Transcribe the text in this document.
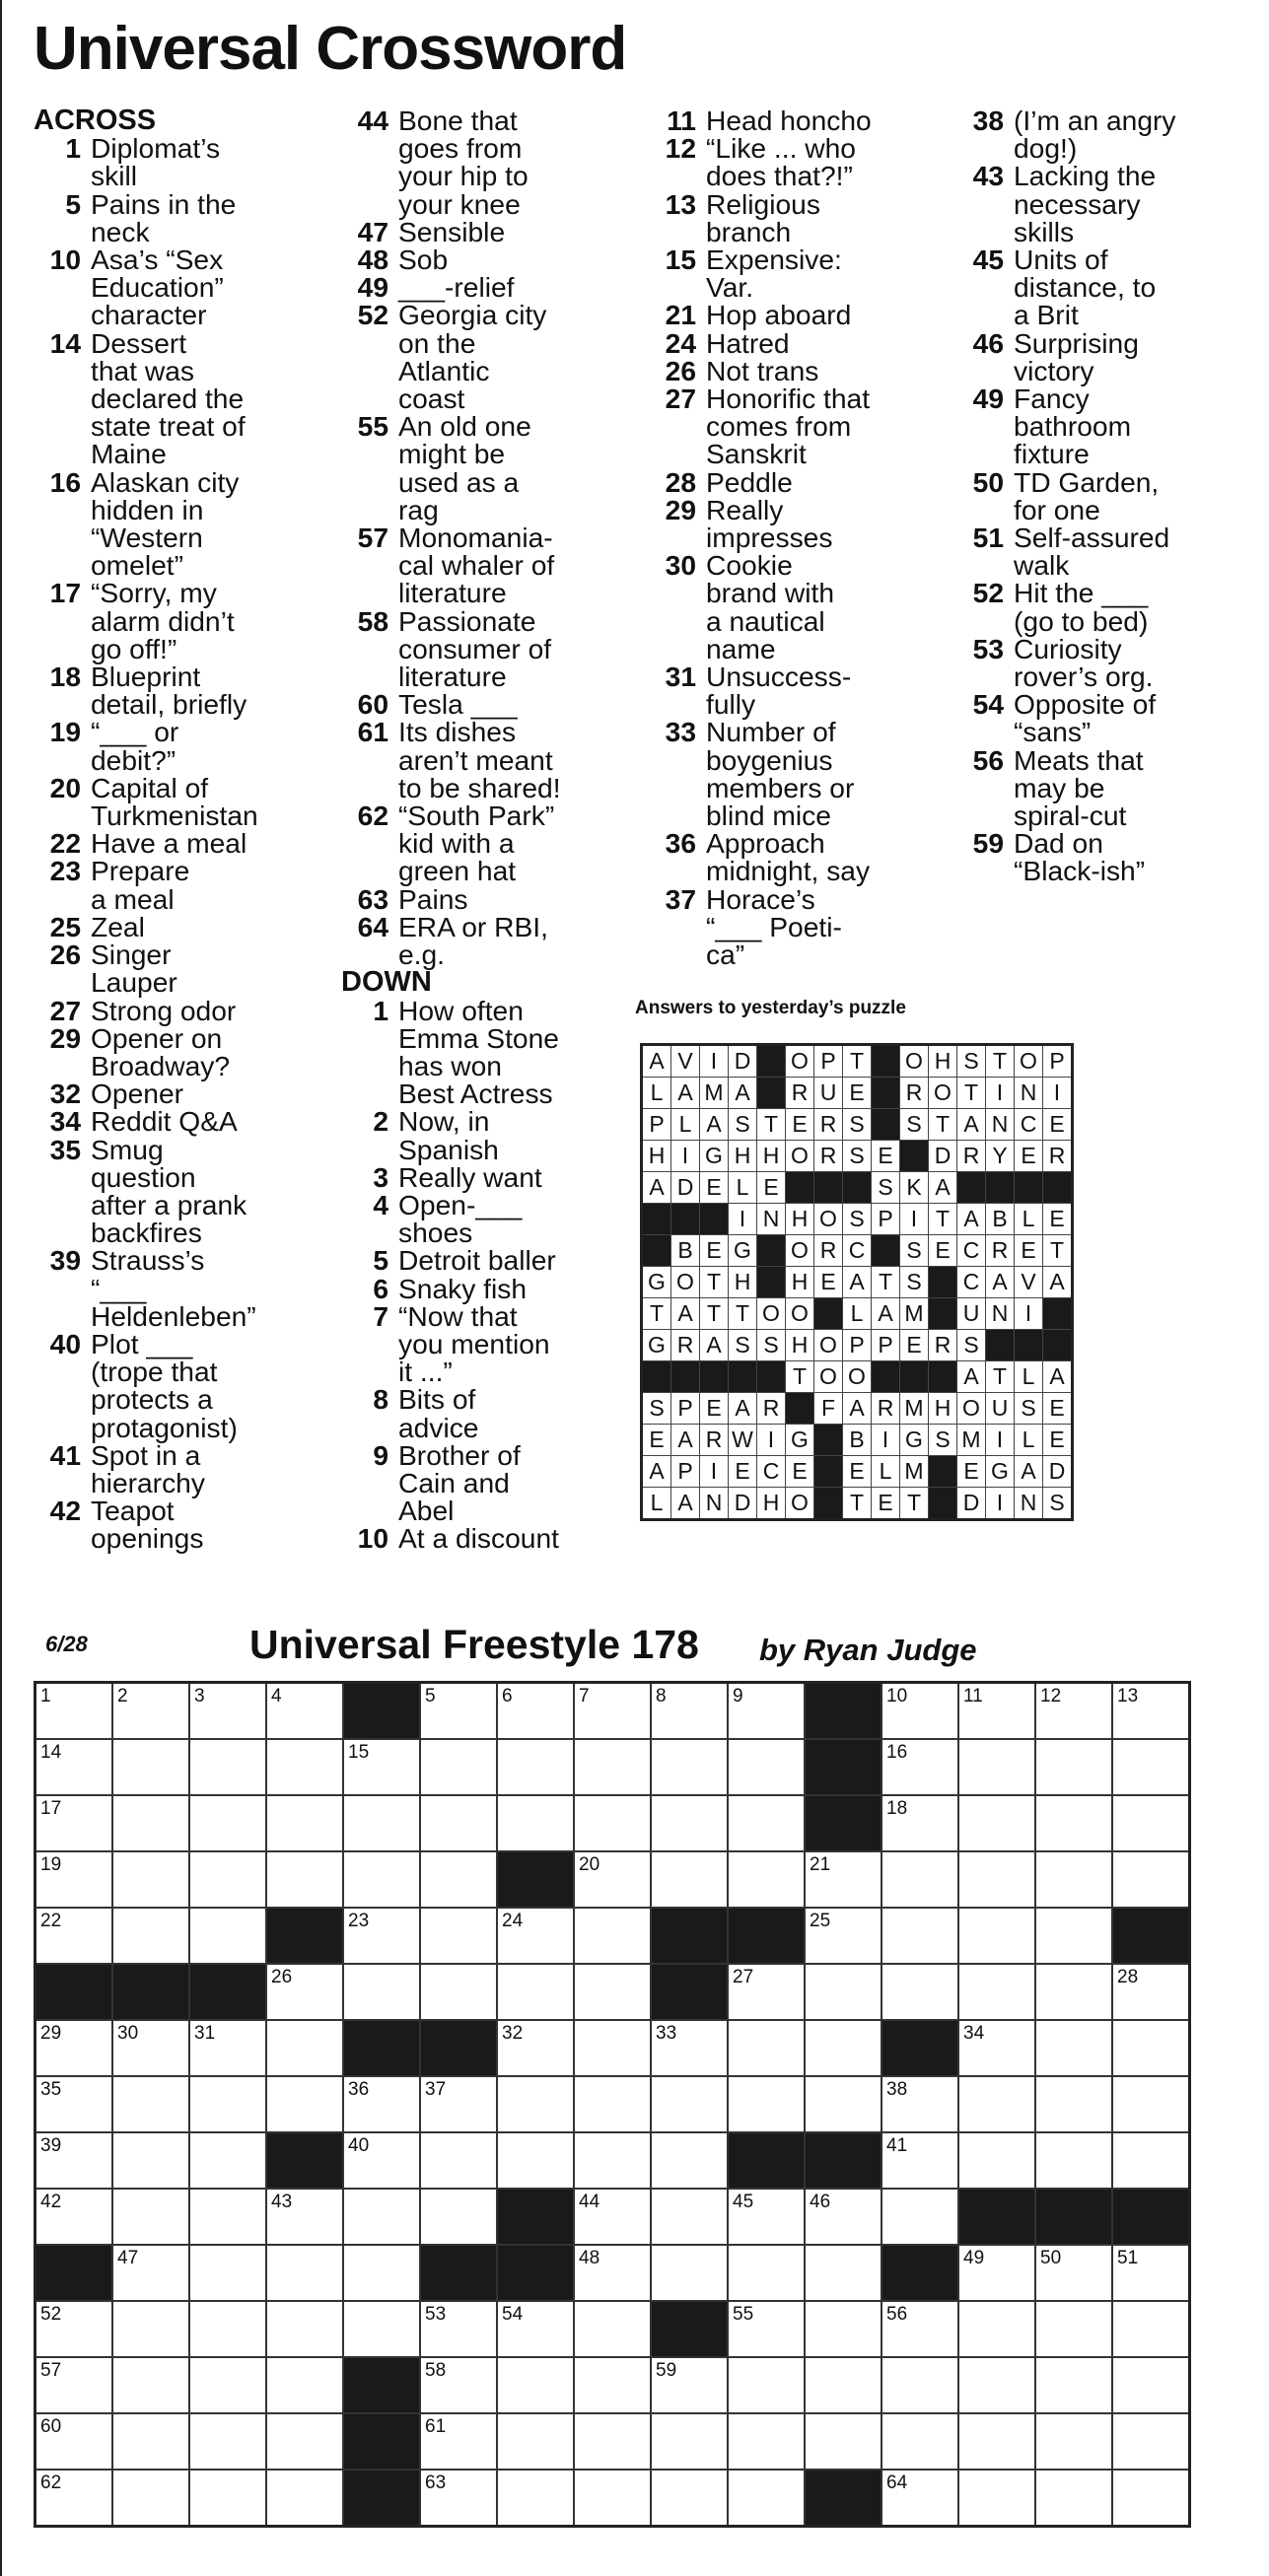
Universal Crossword
ACROSS
1 Diplomat’s
skill
5 Pains in the
neck
10 Asa’s “Sex
Education”
character
14 Dessert
that was
declared the
state treat of
Maine
16 Alaskan city
hidden in
“Western
omelet”
17 “Sorry, my
alarm didn’t
go off!”
18 Blueprint
detail, briefly
19 “___ or
debit?”
20 Capital of
Turkmenistan
22 Have a meal
23 Prepare
a meal
25 Zeal
26 Singer
Lauper
27 Strong odor
29 Opener on
Broadway?
32 Opener
34 Reddit Q&A
35 Smug
question
after a prank
backfires
39 Strauss’s
“___
Heldenleben”
40 Plot ___
(trope that
protects a
protagonist)
41 Spot in a
hierarchy
42 Teapot
openings
44 Bone that
goes from
your hip to
your knee
47 Sensible
48 Sob
49 ___-relief
52 Georgia city
on the
Atlantic
coast
55 An old one
might be
used as a
rag
57 Monomania-
cal whaler of
literature
58 Passionate
consumer of
literature
60 Tesla ___
61 Its dishes
aren’t meant
to be shared!
62 “South Park”
kid with a
green hat
63 Pains
64 ERA or RBI,
e.g.
DOWN
1 How often
Emma Stone
has won
Best Actress
2 Now, in
Spanish
3 Really want
4 Open-___
shoes
5 Detroit baller
6 Snaky fish
7 “Now that
you mention
it ...”
8 Bits of
advice
9 Brother of
Cain and
Abel
10 At a discount
11 Head honcho
12 “Like ... who
does that?!”
13 Religious
branch
15 Expensive:
Var.
21 Hop aboard
24 Hatred
26 Not trans
27 Honorific that
comes from
Sanskrit
28 Peddle
29 Really
impresses
30 Cookie
brand with
a nautical
name
31 Unsuccess-
fully
33 Number of
boygenius
members or
blind mice
36 Approach
midnight, say
37 Horace’s
“___ Poeti-
ca”
38 (I’m an angry
dog!)
43 Lacking the
necessary
skills
45 Units of
distance, to
a Brit
46 Surprising
victory
49 Fancy
bathroom
fixture
50 TD Garden,
for one
51 Self-assured
walk
52 Hit the ___
(go to bed)
53 Curiosity
rover’s org.
54 Opposite of
“sans”
56 Meats that
may be
spiral-cut
59 Dad on
“Black-ish”
Answers to yesterday’s puzzle
A	V	I	D		O	P	T		O	H	S	T	O	P
L	A	M	A		R	U	E		R	O	T	I	N	I
P	L	A	S	T	E	R	S		S	T	A	N	C	E
H	I	G	H	H	O	R	S	E		D	R	Y	E	R
A	D	E	L	E				S	K	A				
			I	N	H	O	S	P	I	T	A	B	L	E
	B	E	G		O	R	C		S	E	C	R	E	T
G	O	T	H		H	E	A	T	S		C	A	V	A
T	A	T	T	O	O		L	A	M		U	N	I	
G	R	A	S	S	H	O	P	P	E	R	S			
					T	O	O				A	T	L	A
S	P	E	A	R		F	A	R	M	H	O	U	S	E
E	A	R	W	I	G		B	I	G	S	M	I	L	E
A	P	I	E	C	E		E	L	M		E	G	A	D
L	A	N	D	H	O		T	E	T		D	I	N	S
6/28	Universal Freestyle 178 by Ryan Judge
1	2	3	4		5	6	7	8	9		10	11	12	13

14				15							16			

17											18			

19							20			21				

22				23		24				25				

			26						27					28

29	30	31				32		33				34		

35				36	37						38			

39				40							41			

42			43				44		45	46				

	47						48					49	50	51

52					53	54			55		56			

57					58			59						

60					61									

62					63						64			
